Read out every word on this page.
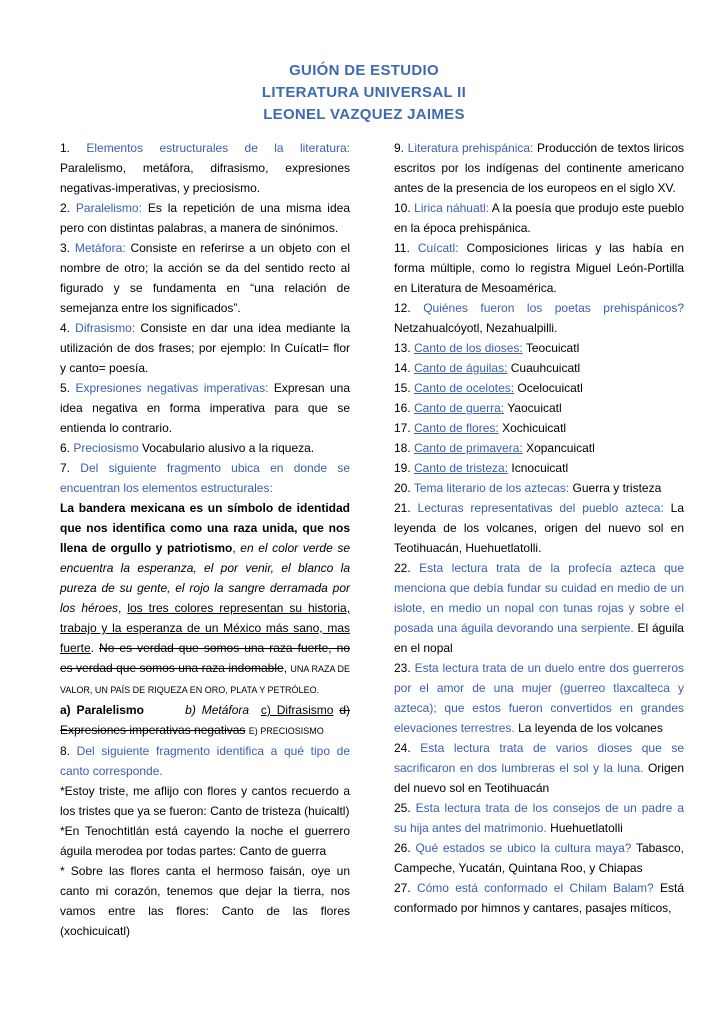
GUIÓN DE ESTUDIO
LITERATURA UNIVERSAL II
LEONEL VAZQUEZ JAIMES

1. Elementos estructurales de la literatura: Paralelismo, metáfora, difrasismo, expresiones negativas-imperativas, y preciosismo.

2. Paralelismo: Es la repetición de una misma idea pero con distintas palabras, a manera de sinónimos.

3. Metáfora: Consiste en referirse a un objeto con el nombre de otro; la acción se da del sentido recto al figurado y se fundamenta en “una relación de semejanza entre los significados”.

4. Difrasismo: Consiste en dar una idea mediante la utilización de dos frases; por ejemplo: In Cuícatl= flor y canto= poesía.

5. Expresiones negativas imperativas: Expresan una idea negativa en forma imperativa para que se entienda lo contrario.

6. Preciosismo Vocabulario alusivo a la riqueza.

7. Del siguiente fragmento ubica en donde se encuentran los elementos estructurales:

La bandera mexicana es un símbolo de identidad que nos identifica como una raza unida, que nos llena de orgullo y patriotismo, en el color verde se encuentra la esperanza, el por venir, el blanco la pureza de su gente, el rojo la sangre derramada por los héroes, los tres colores representan su historia, trabajo y la esperanza de un México más sano, mas fuerte. No es verdad que somos una raza fuerte, no es verdad que somos una raza indomable, UNA RAZA DE VALOR, UN PAÍS DE RIQUEZA EN ORO, PLATA Y PETRÓLEO.

a) Paralelismo	b) Metáfora c) Difrasismo d) Expresiones imperativas negativas E) PRECIOSISMO

8. Del siguiente fragmento identifica a qué tipo de canto corresponde.

*Estoy triste, me aflijo con flores y cantos recuerdo a los tristes que ya se fueron: Canto de tristeza (huicaltl)

*En Tenochtitlán está cayendo la noche el guerrero águila merodea por todas partes: Canto de guerra

* Sobre las flores canta el hermoso faisán, oye un canto mi corazón, tenemos que dejar la tierra, nos vamos entre las flores: Canto de las flores (xochicuicatl)

9. Literatura prehispánica: Producción de textos liricos escritos por los indígenas del continente americano antes de la presencia de los europeos en el siglo XV.

10. Lirica náhuatl: A la poesía que produjo este pueblo en la época prehispánica.

11. Cuícatl: Composiciones liricas y las había en forma múltiple, como lo registra Miguel León-Portilla en Literatura de Mesoamérica.

12. Quiénes fueron los poetas prehispánicos? Netzahualcóyotl, Nezahualpilli.

13. Canto de los dioses: Teocuicatl

14. Canto de águilas: Cuauhcuicatl

15. Canto de ocelotes: Ocelocuicatl

16. Canto de guerra: Yaocuicatl

17. Canto de flores: Xochicuicatl

18. Canto de primavera: Xopancuicatl

19. Canto de tristeza: Icnocuicatl

20. Tema literario de los aztecas: Guerra y tristeza

21. Lecturas representativas del pueblo azteca: La leyenda de los volcanes, origen del nuevo sol en Teotihuacán, Huehuetlatolli.

22. Esta lectura trata de la profecía azteca que menciona que debía fundar su cuidad en medio de un islote, en medio un nopal con tunas rojas y sobre el posada una águila devorando una serpiente. El águila en el nopal

23. Esta lectura trata de un duelo entre dos guerreros por el amor de una mujer (guerreo tlaxcalteca y azteca); que estos fueron convertidos en grandes elevaciones terrestres. La leyenda de los volcanes

24. Esta lectura trata de varios dioses que se sacrificaron en dos lumbreras el sol y la luna. Origen del nuevo sol en Teotihuacán

25. Esta lectura trata de los consejos de un padre a su hija antes del matrimonio. Huehuetlatolli

26. Qué estados se ubico la cultura maya? Tabasco, Campeche, Yucatán, Quintana Roo, y Chiapas

27. Cómo está conformado el Chilam Balam? Está conformado por himnos y cantares, pasajes míticos,
